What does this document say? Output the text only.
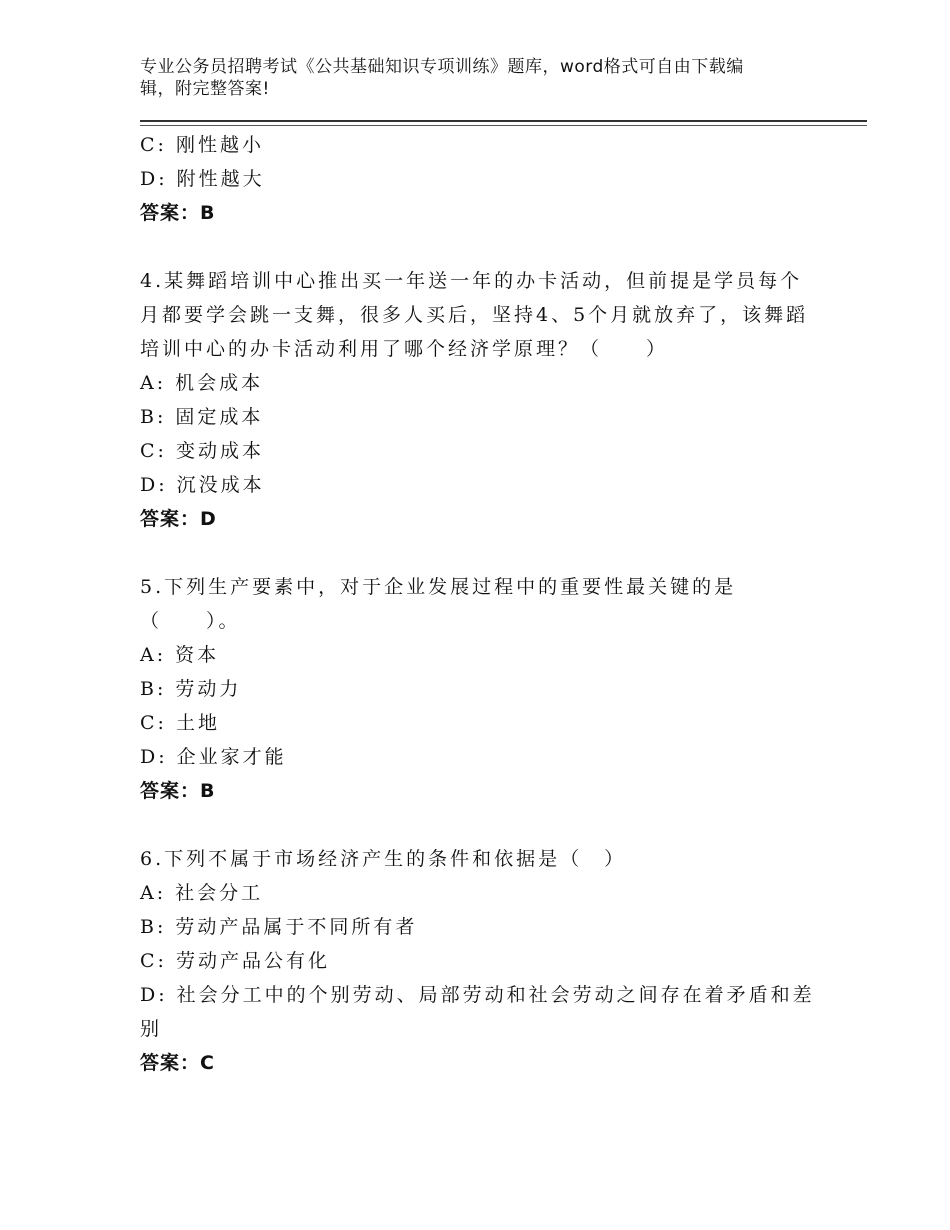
专业公务员招聘考试《公共基础知识专项训练》题库，word格式可自由下载编
辑，附完整答案!
C: 刚性越小
D: 附性越大
答案：B
4.某舞蹈培训中心推出买一年送一年的办卡活动，但前提是学员每个
月都要学会跳一支舞，很多人买后，坚持4、5个月就放弃了，该舞蹈
培训中心的办卡活动利用了哪个经济学原理？（　　）
A: 机会成本
B: 固定成本
C: 变动成本
D: 沉没成本
答案：D
5.下列生产要素中，对于企业发展过程中的重要性最关键的是
（　　）。
A: 资本
B: 劳动力
C: 土地
D: 企业家才能
答案：B
6.下列不属于市场经济产生的条件和依据是（　）
A: 社会分工
B: 劳动产品属于不同所有者
C: 劳动产品公有化
D: 社会分工中的个别劳动、局部劳动和社会劳动之间存在着矛盾和差
别
答案：C
